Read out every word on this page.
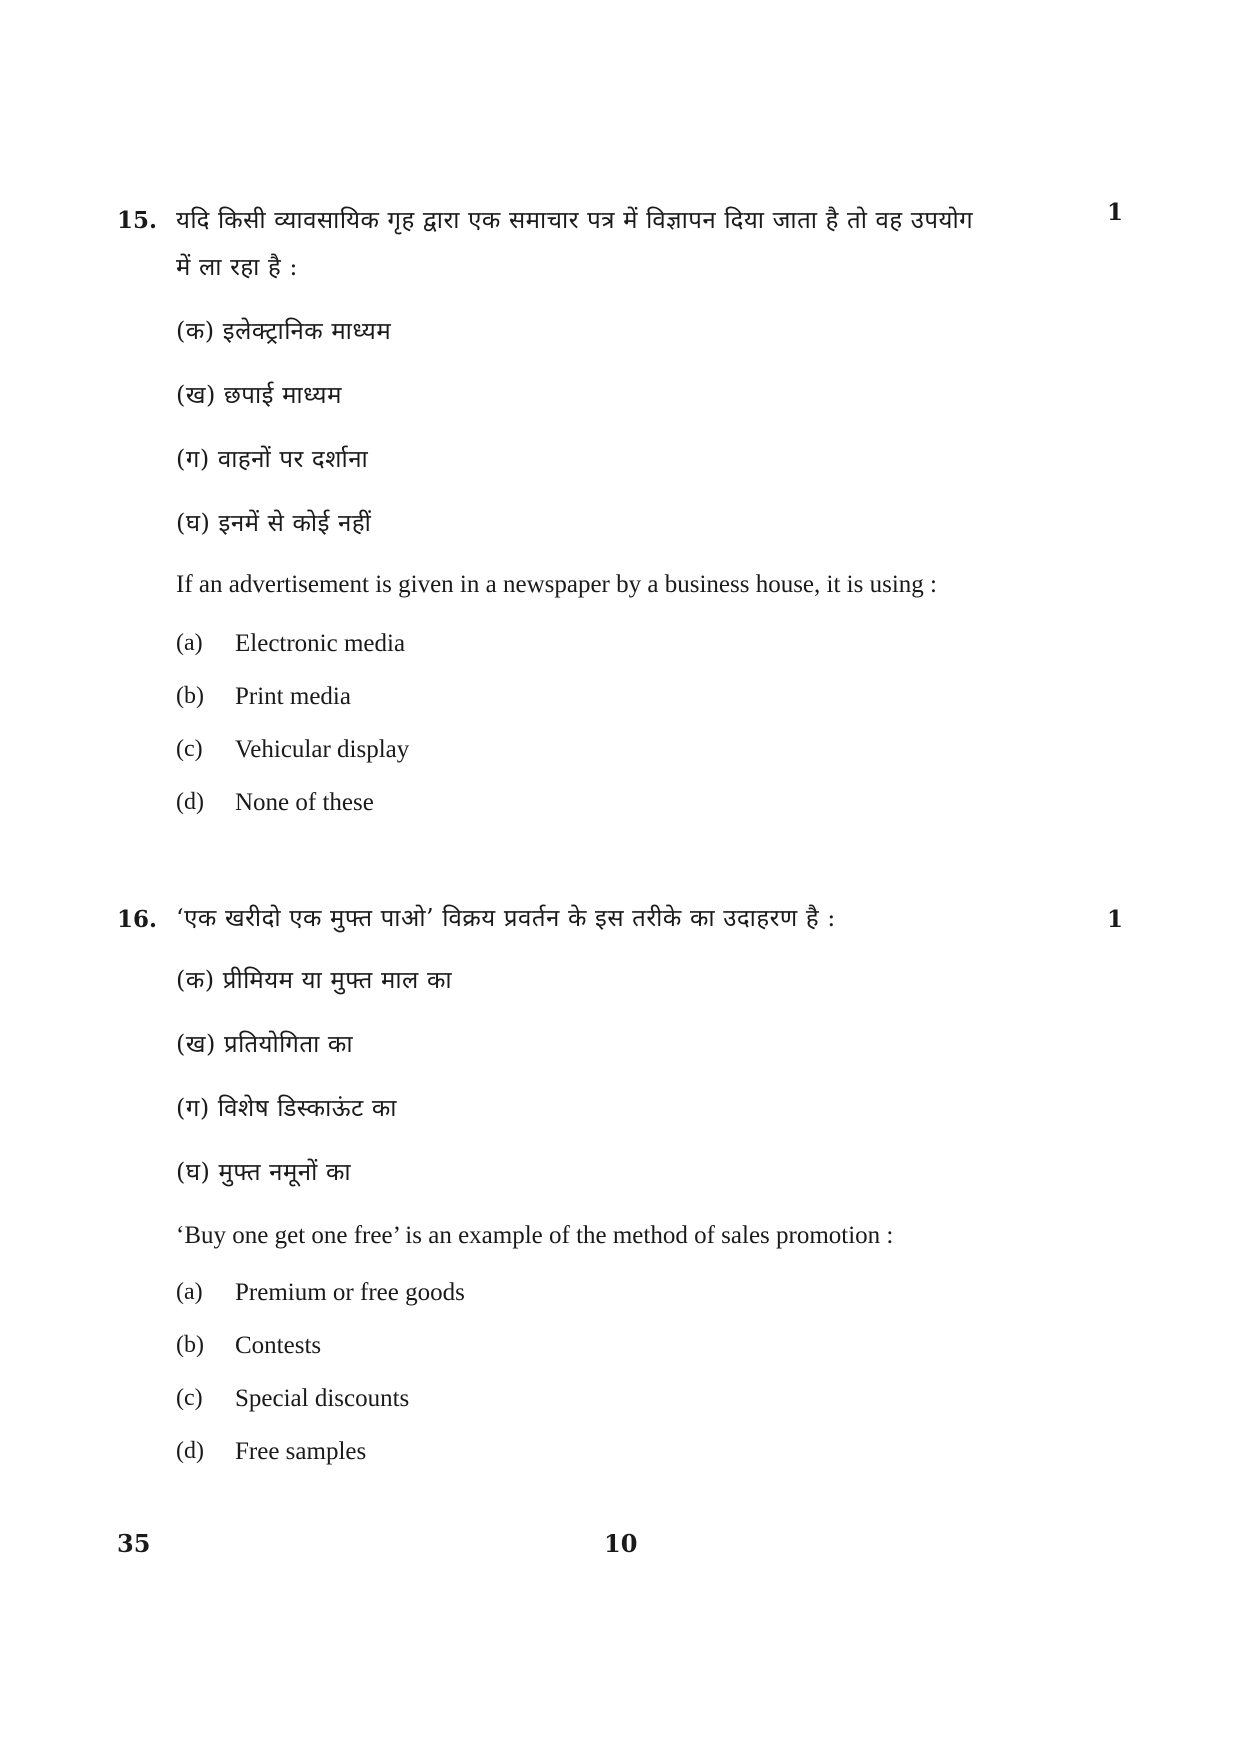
15.	1
यदि किसी व्यावसायिक गृह द्वारा एक समाचार पत्र में विज्ञापन दिया जाता है तो वह उपयोग
में ला रहा है :
(क) इलेक्ट्रानिक माध्यम
(ख) छपाई माध्यम
(ग) वाहनों पर दर्शाना
(घ) इनमें से कोई नहीं
If an advertisement is given in a newspaper by a business house, it is using :
(a) Electronic media
(b) Print media
(c) Vehicular display
(d) None of these
16.	1
‘एक खरीदो एक मुफ्त पाओ’ विक्रय प्रवर्तन के इस तरीके का उदाहरण है :
(क) प्रीमियम या मुफ्त माल का
(ख) प्रतियोगिता का
(ग) विशेष डिस्काऊंट का
(घ) मुफ्त नमूनों का
‘Buy one get one free’ is an example of the method of sales promotion :
(a) Premium or free goods
(b) Contests
(c) Special discounts
(d) Free samples
35	10
